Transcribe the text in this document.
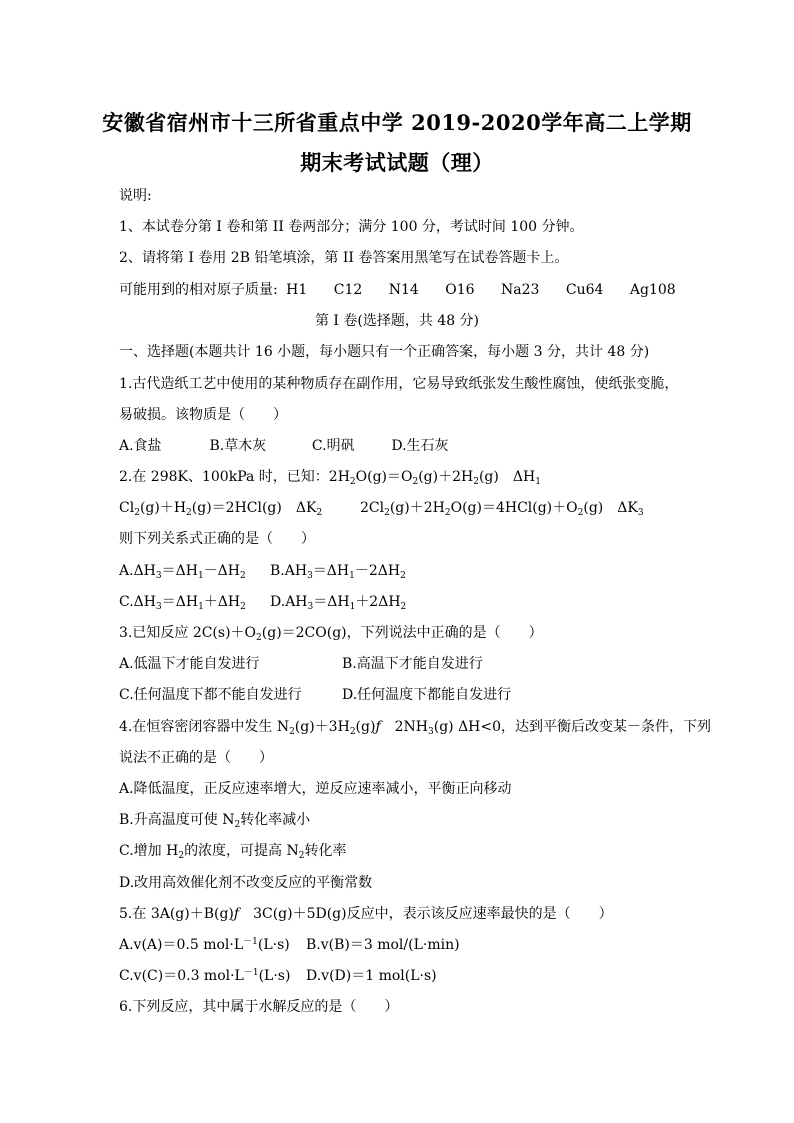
安徽省宿州市十三所省重点中学 2019-2020学年高二上学期
期末考试试题（理）
说明:
1、本试卷分第 I 卷和第 II 卷两部分；满分 100 分，考试时间 100 分钟。
2、请将第 I 卷用 2B 铅笔填涂，第 II 卷答案用黑笔写在试卷答题卡上。
可能用到的相对原子质量: H1 C12 N14 O16 Na23 Cu64 Ag108
第 I 卷(选择题，共 48 分)
一、选择题(本题共计 16 小题，每小题只有一个正确答案，每小题 3 分，共计 48 分)
1.古代造纸工艺中使用的某种物质存在副作用，它易导致纸张发生酸性腐蚀，使纸张变脆，
易破损。该物质是（　　）
A.食盐	B.草木灰	C.明矾	D.生石灰
2.在 298K、100kPa 时，已知：$2H_2O(g)=O_2(g)+2H_2(g)$　$\Delta H_1$
$Cl_2(g)+H_2(g)=2HCl(g)$　$\Delta K_2$	$2Cl_2(g)+2H_2O(g)=4HCl(g)+O_2(g)$　$\Delta K_3$
则下列关系式正确的是（　　）
$A.\Delta H_3=\Delta H_1-\Delta H_2$ $B.AH_3=\Delta H_1-2\Delta H_2$
$C.\Delta H_3=\Delta H_1+\Delta H_2$ $D.AH_3=\Delta H_1+2\Delta H_2$
3.已知反应 $2C(s)+O_2(g)=2CO(g)$，下列说法中正确的是（　　）
A.低温下才能自发进行	B.高温下才能自发进行
C.任何温度下都不能自发进行	D.任何温度下都能自发进行
4.在恒容密闭容器中发生 $N_2(g)+3H_2(g)ƒ$　$2NH_3(g)$ ΔH<0，达到平衡后改变某－条件，下列
说法不正确的是（　　）
A.降低温度，正反应速率增大，逆反应速率减小，平衡正向移动
B.升高温度可使 $N_2$转化率减小
C.增加 $H_2$的浓度，可提高 $N_2$转化率
D.改用高效催化剂不改变反应的平衡常数
5.在 3A(g)＋B(g)ƒ　3C(g)＋5D(g)反应中，表示该反应速率最快的是（　　）
A.v(A)＝0.5 $mol\cdot L^{-1}(L\cdot s)$ B.v(B)＝3 mol/(L·min)
C.v(C)＝0.3 $mol\cdot L^{-1}(L\cdot s)$ D.v(D)＝1 mol(L·s)
6.下列反应，其中属于水解反应的是（　　）
